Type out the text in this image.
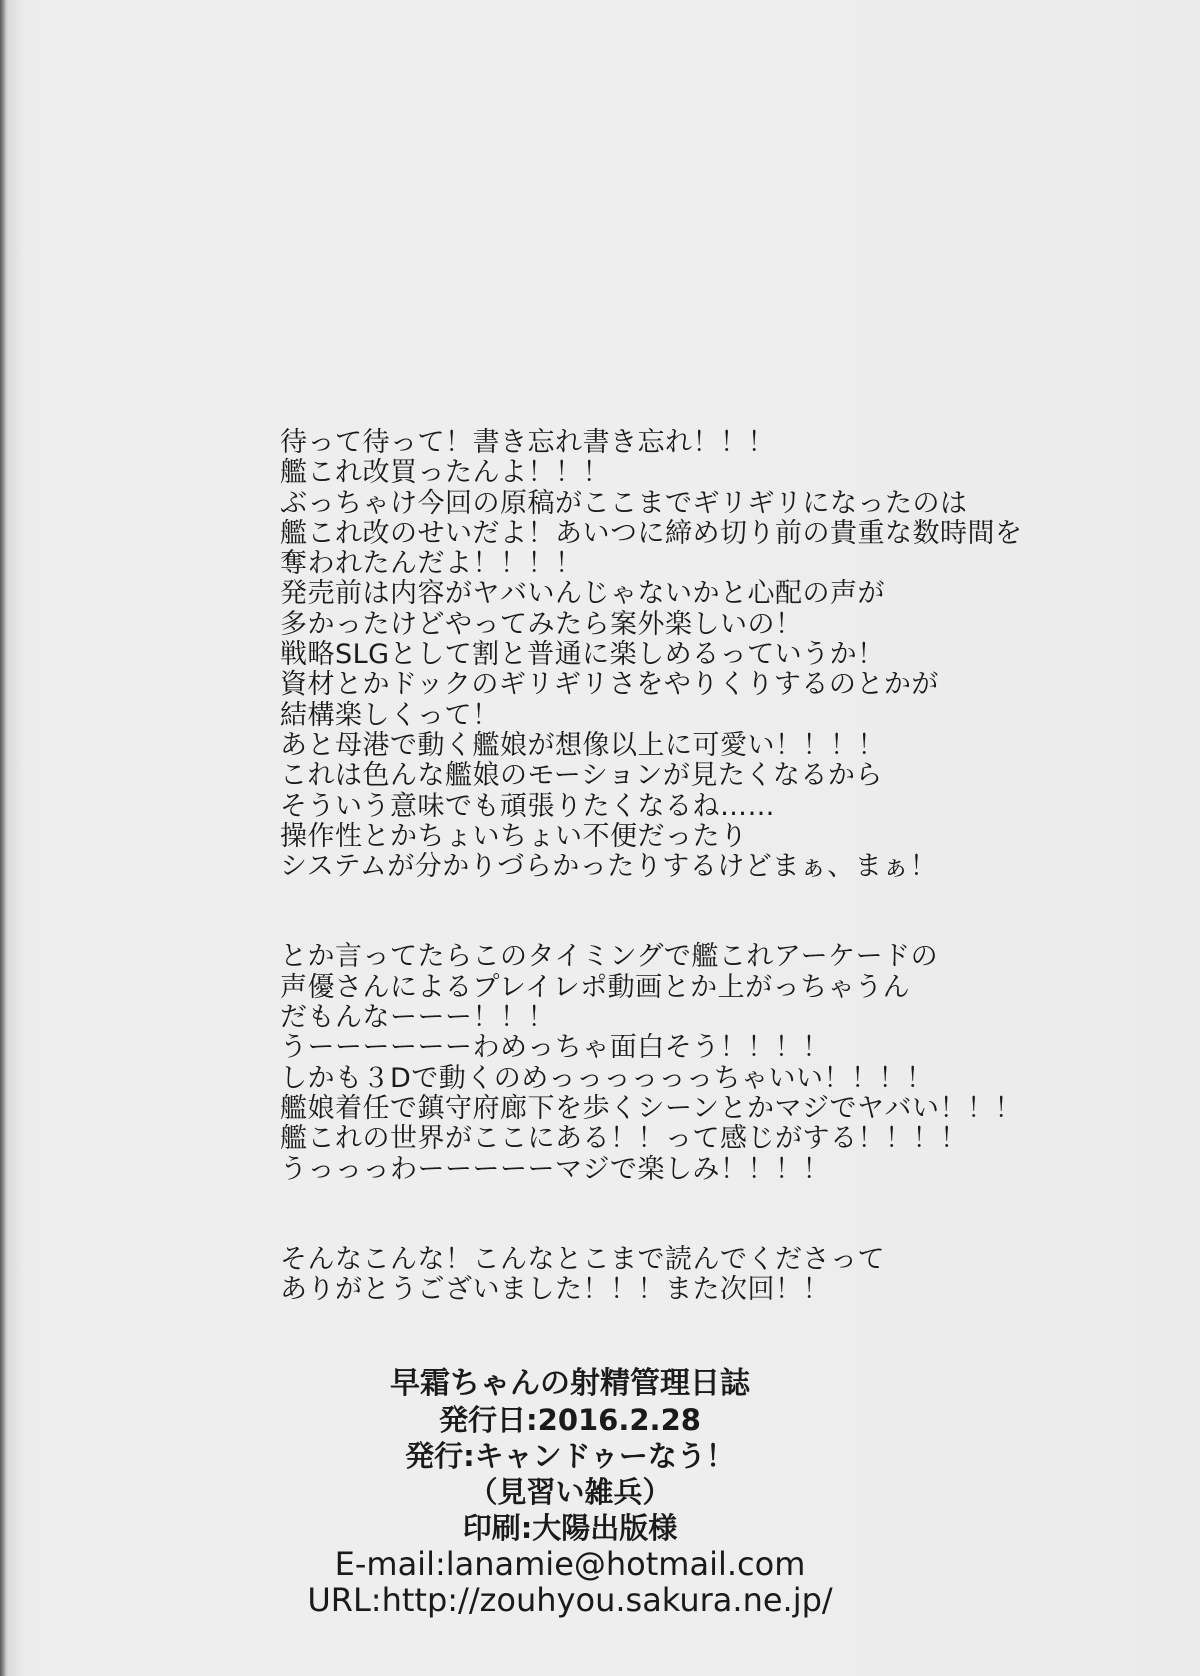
待って待って！書き忘れ書き忘れ！！！
艦これ改買ったんよ！！！
ぶっちゃけ今回の原稿がここまでギリギリになったのは
艦これ改のせいだよ！あいつに締め切り前の貴重な数時間を
奪われたんだよ！！！！
発売前は内容がヤバいんじゃないかと心配の声が
多かったけどやってみたら案外楽しいの！
戦略SLGとして割と普通に楽しめるっていうか！
資材とかドックのギリギリさをやりくりするのとかが
結構楽しくって！
あと母港で動く艦娘が想像以上に可愛い！！！！
これは色んな艦娘のモーションが見たくなるから
そういう意味でも頑張りたくなるね……
操作性とかちょいちょい不便だったり
システムが分かりづらかったりするけどまぁ、まぁ！
とか言ってたらこのタイミングで艦これアーケードの
声優さんによるプレイレポ動画とか上がっちゃうん
だもんなーーー！！！
うーーーーーーわめっちゃ面白そう！！！！
しかも３Dで動くのめっっっっっっちゃいい！！！！
艦娘着任で鎮守府廊下を歩くシーンとかマジでヤバい！！！
艦これの世界がここにある！！って感じがする！！！！
うっっっわーーーーーマジで楽しみ！！！！
そんなこんな！こんなとこまで読んでくださって
ありがとうございました！！！また次回！！
早霜ちゃんの射精管理日誌
発行日:2016.2.28
発行:キャンドゥーなう！
（見習い雑兵）
印刷:大陽出版様
E-mail:lanamie@hotmail.com
URL:http://zouhyou.sakura.ne.jp/
